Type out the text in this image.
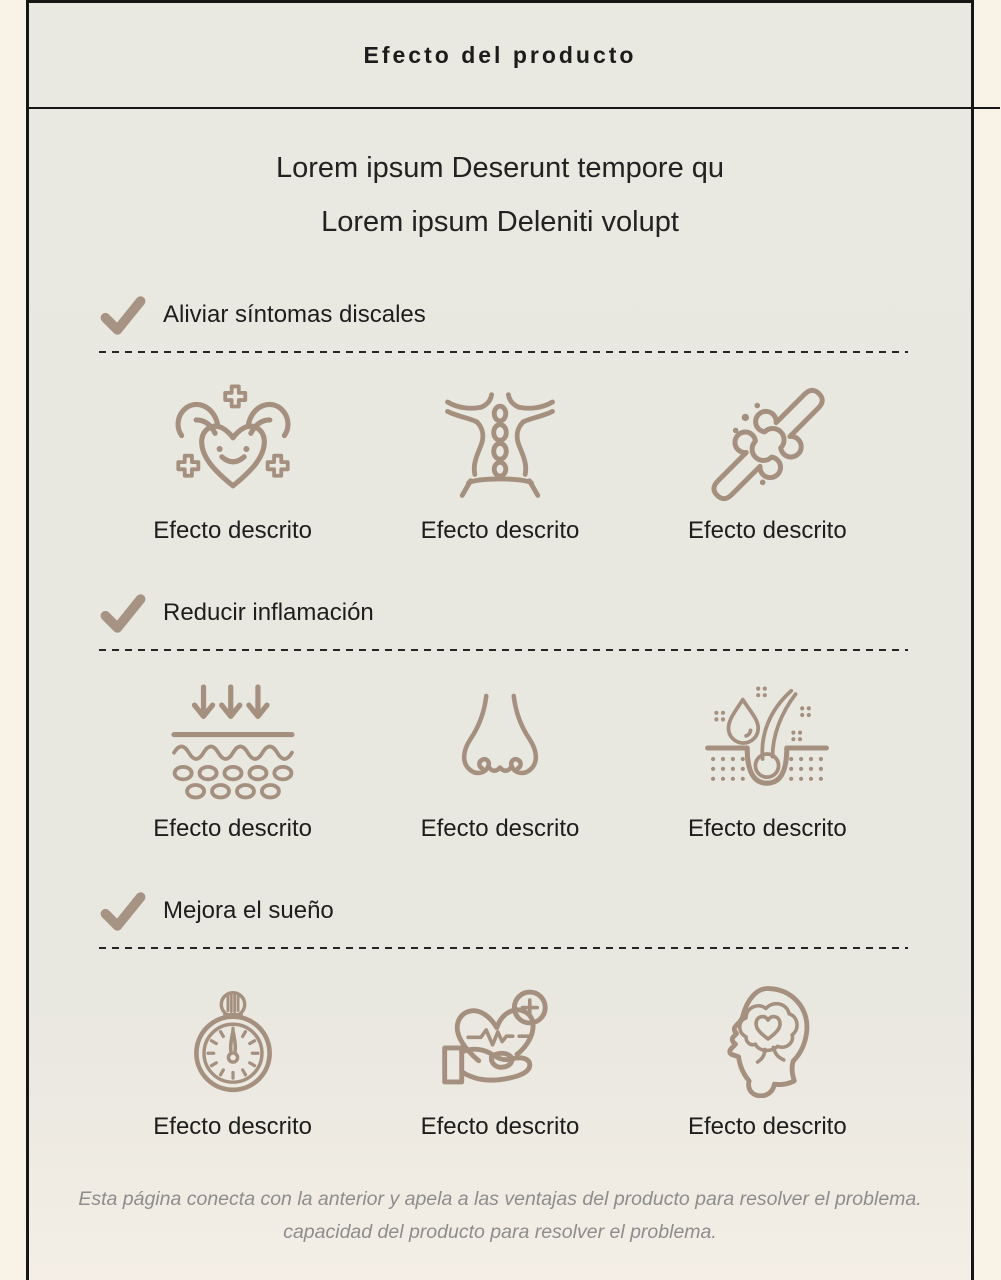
Efecto del producto
Lorem ipsum Deserunt tempore qu
Lorem ipsum Deleniti volupt
Aliviar síntomas discales
Efecto descrito	Efecto descrito	Efecto descrito
Reducir inflamación
Efecto descrito	Efecto descrito	Efecto descrito
Mejora el sueño
Efecto descrito	Efecto descrito	Efecto descrito
Esta página conecta con la anterior y apela a las ventajas del producto para resolver el problema.
capacidad del producto para resolver el problema.
